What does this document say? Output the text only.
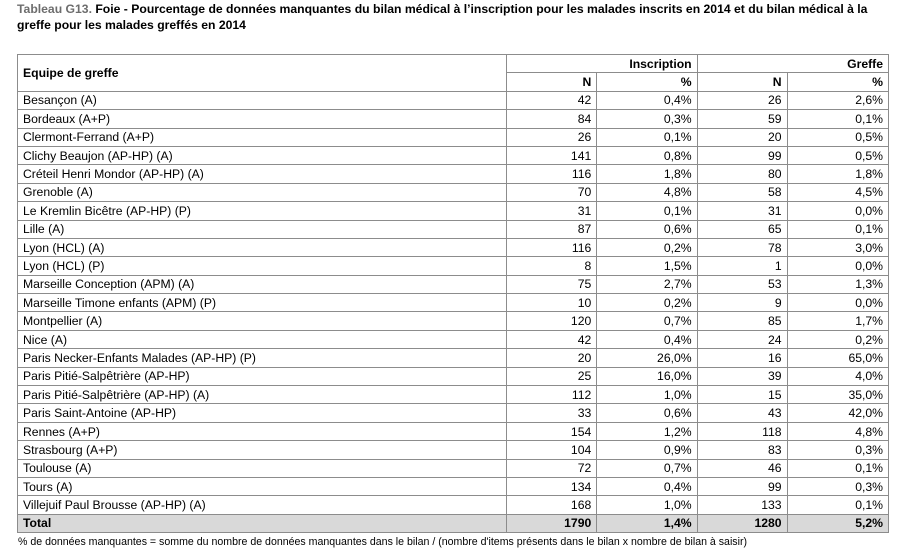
Tableau G13. Foie - Pourcentage de données manquantes du bilan médical à l’inscription pour les malades inscrits en 2014 et du bilan médical à la greffe pour les malades greffés en 2014
Equipe de greffe	Inscription		Greffe	
	N	%	N	%
Besançon (A)	42	0,4%	26	2,6%
Bordeaux (A+P)	84	0,3%	59	0,1%
Clermont-Ferrand (A+P)	26	0,1%	20	0,5%
Clichy Beaujon (AP-HP) (A)	141	0,8%	99	0,5%
Créteil Henri Mondor (AP-HP) (A)	116	1,8%	80	1,8%
Grenoble (A)	70	4,8%	58	4,5%
Le Kremlin Bicêtre (AP-HP) (P)	31	0,1%	31	0,0%
Lille (A)	87	0,6%	65	0,1%
Lyon (HCL) (A)	116	0,2%	78	3,0%
Lyon (HCL) (P)	8	1,5%	1	0,0%
Marseille Conception (APM) (A)	75	2,7%	53	1,3%
Marseille Timone enfants (APM) (P)	10	0,2%	9	0,0%
Montpellier (A)	120	0,7%	85	1,7%
Nice (A)	42	0,4%	24	0,2%
Paris Necker-Enfants Malades (AP-HP) (P)	20	26,0%	16	65,0%
Paris Pitié-Salpêtrière (AP-HP)	25	16,0%	39	4,0%
Paris Pitié-Salpêtrière (AP-HP) (A)	112	1,0%	15	35,0%
Paris Saint-Antoine (AP-HP)	33	0,6%	43	42,0%
Rennes (A+P)	154	1,2%	118	4,8%
Strasbourg (A+P)	104	0,9%	83	0,3%
Toulouse (A)	72	0,7%	46	0,1%
Tours (A)	134	0,4%	99	0,3%
Villejuif Paul Brousse (AP-HP) (A)	168	1,0%	133	0,1%
Total	1790	1,4%	1280	5,2%
% de données manquantes = somme du nombre de données manquantes dans le bilan / (nombre d'items présents dans le bilan x nombre de bilan à saisir)
